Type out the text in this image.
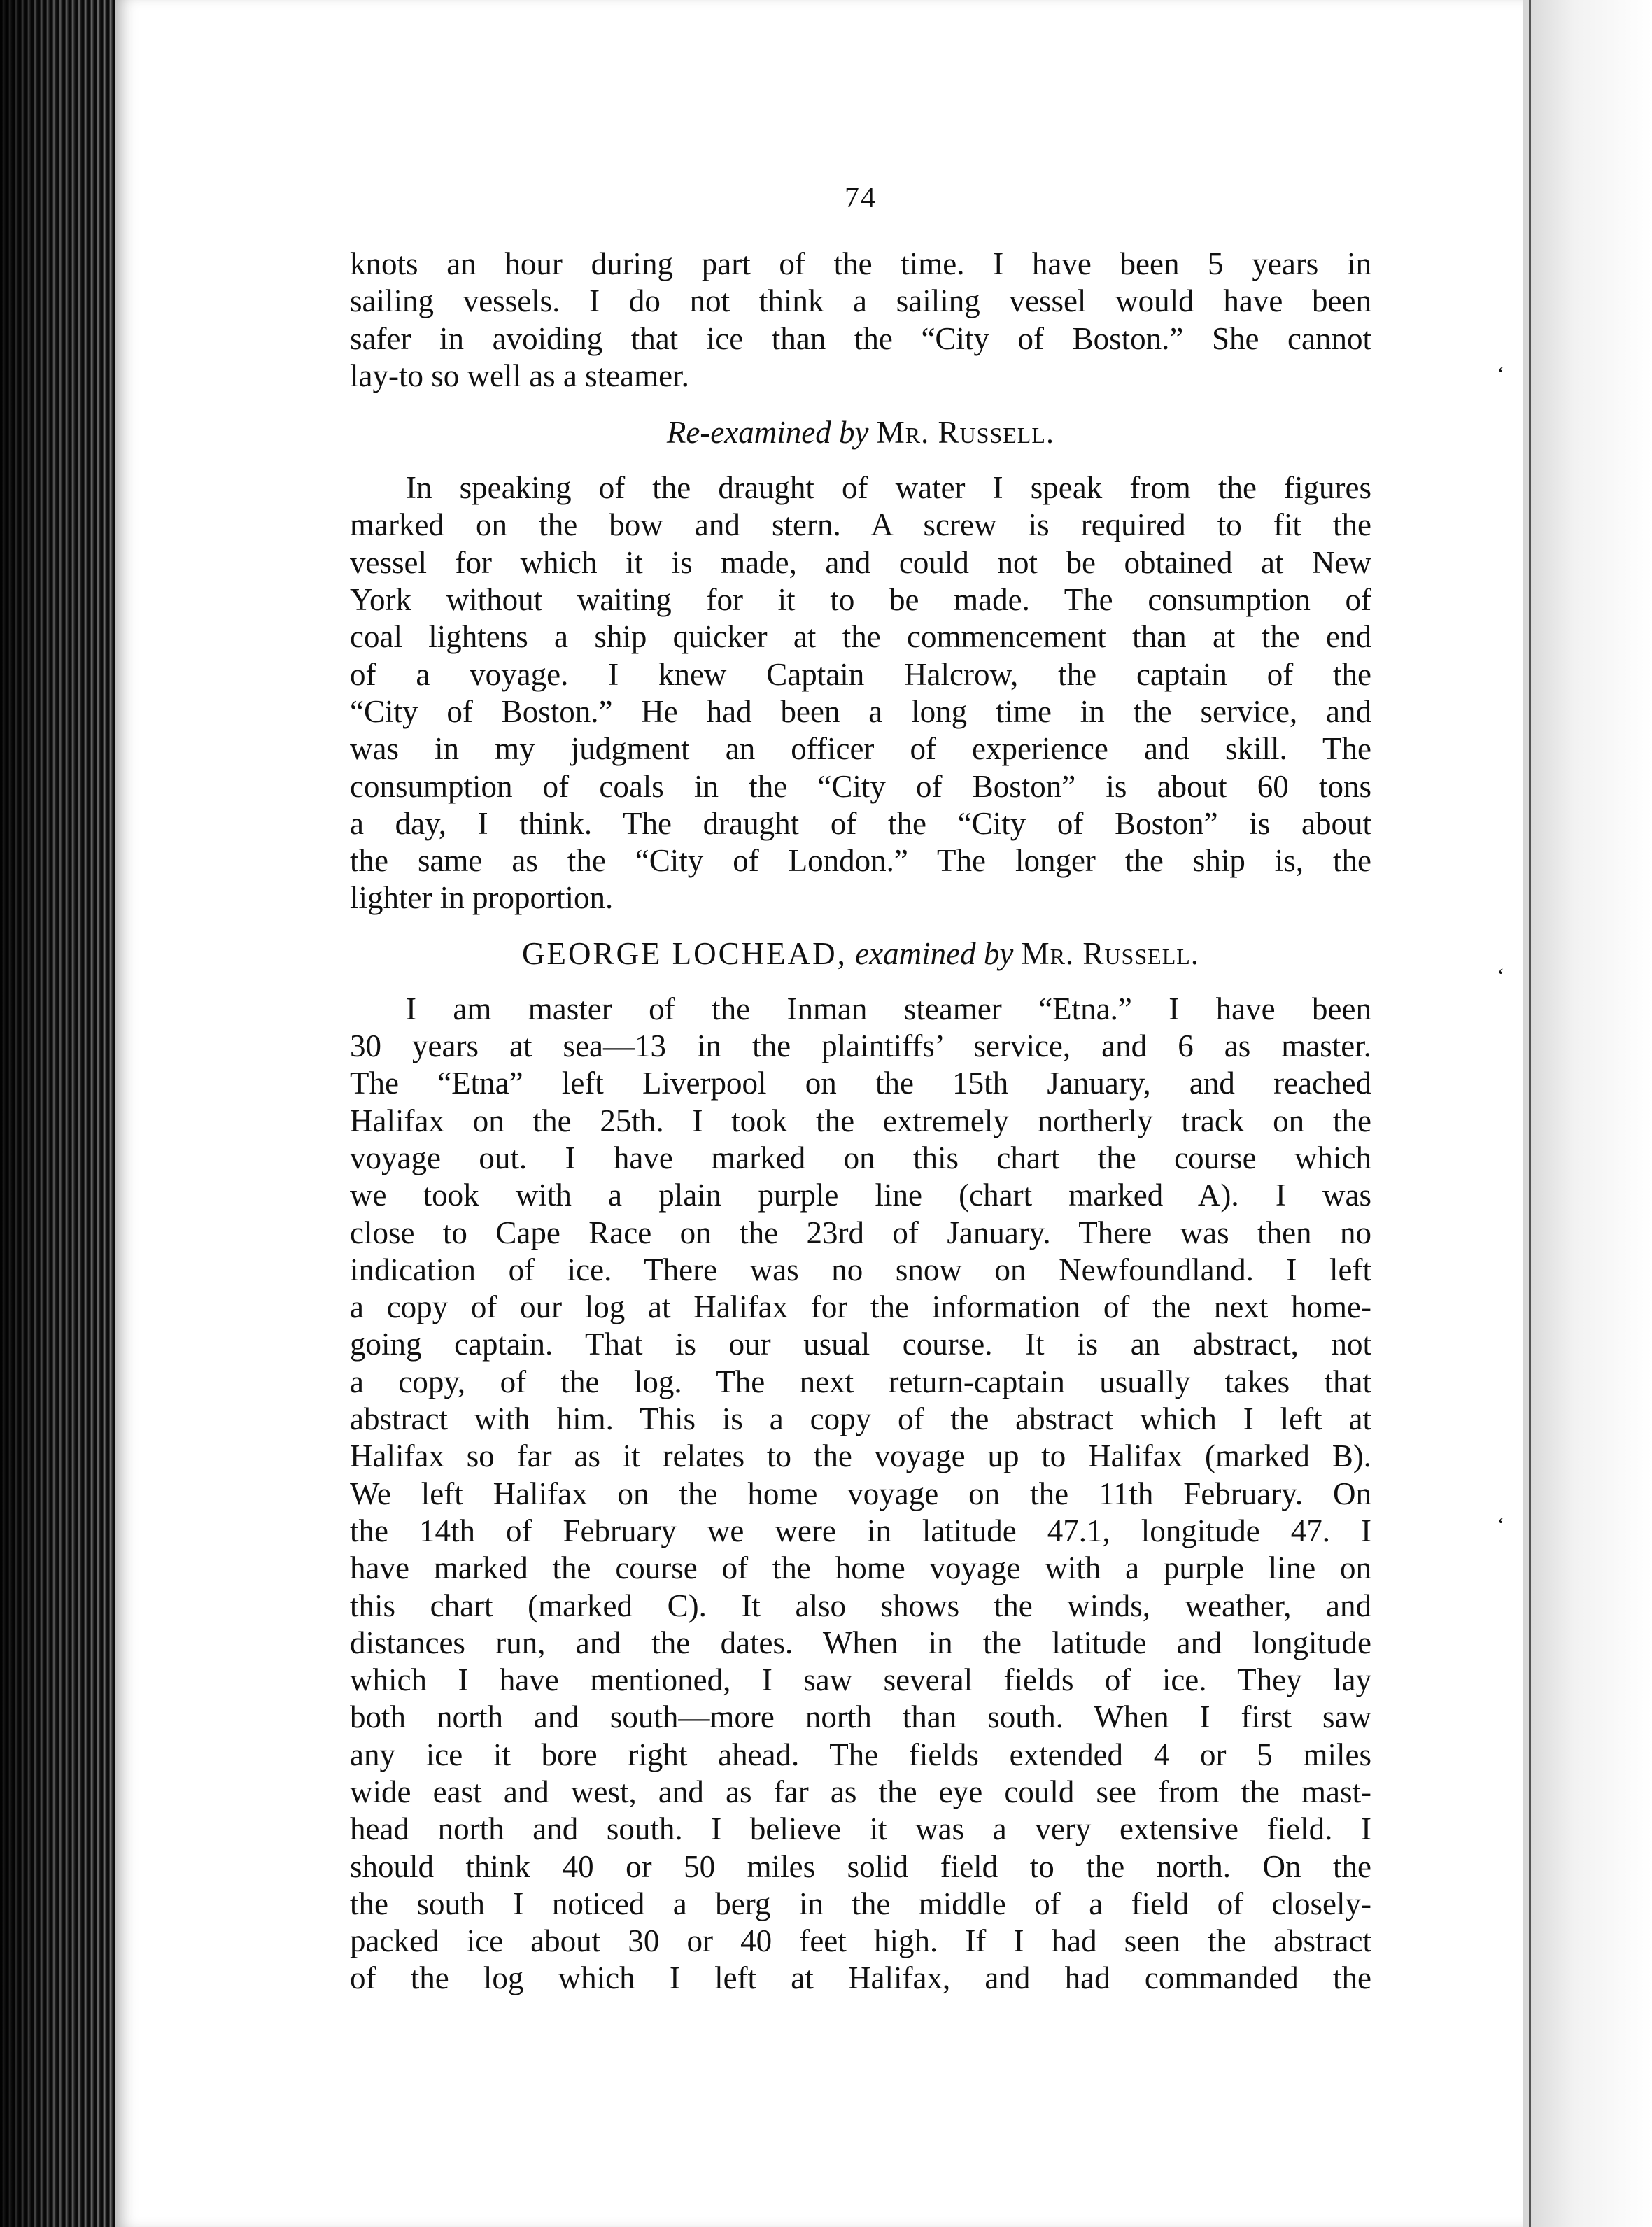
‘
‘
‘
74

knots an hour during part of the time. I have been 5 years in

sailing vessels. I do not think a sailing vessel would have been

safer in avoiding that ice than the “City of Boston.” She cannot

lay-to so well as a steamer.

Re-examined by Mr. Russell.

In speaking of the draught of water I speak from the figures

marked on the bow and stern. A screw is required to fit the

vessel for which it is made, and could not be obtained at New

York without waiting for it to be made. The consumption of

coal lightens a ship quicker at the commencement than at the end

of a voyage. I knew Captain Halcrow, the captain of the

“City of Boston.” He had been a long time in the service, and

was in my judgment an officer of experience and skill. The

consumption of coals in the “City of Boston” is about 60 tons

a day, I think. The draught of the “City of Boston” is about

the same as the “City of London.” The longer the ship is, the

lighter in proportion.

GEORGE LOCHEAD, examined by Mr. Russell.

I am master of the Inman steamer “Etna.” I have been

30 years at sea—13 in the plaintiffs’ service, and 6 as master.

The “Etna” left Liverpool on the 15th January, and reached

Halifax on the 25th. I took the extremely northerly track on the

voyage out. I have marked on this chart the course which

we took with a plain purple line (chart marked A). I was

close to Cape Race on the 23rd of January. There was then no

indication of ice. There was no snow on Newfoundland. I left

a copy of our log at Halifax for the information of the next home-

going captain. That is our usual course. It is an abstract, not

a copy, of the log. The next return-captain usually takes that

abstract with him. This is a copy of the abstract which I left at

Halifax so far as it relates to the voyage up to Halifax (marked B).

We left Halifax on the home voyage on the 11th February. On

the 14th of February we were in latitude 47.1, longitude 47. I

have marked the course of the home voyage with a purple line on

this chart (marked C). It also shows the winds, weather, and

distances run, and the dates. When in the latitude and longitude

which I have mentioned, I saw several fields of ice. They lay

both north and south—more north than south. When I first saw

any ice it bore right ahead. The fields extended 4 or 5 miles

wide east and west, and as far as the eye could see from the mast-

head north and south. I believe it was a very extensive field. I

should think 40 or 50 miles solid field to the north. On the

the south I noticed a berg in the middle of a field of closely-

packed ice about 30 or 40 feet high. If I had seen the abstract

of the log which I left at Halifax, and had commanded the
